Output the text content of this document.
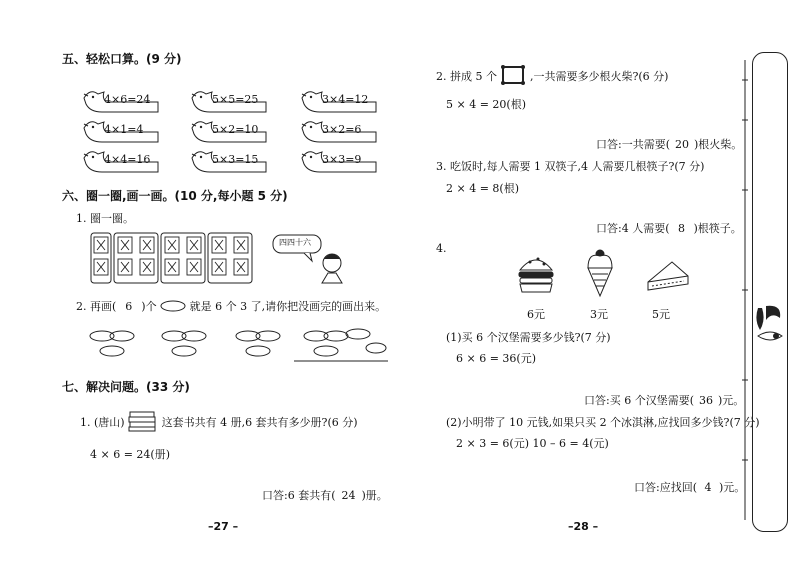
五、轻松口算。(9 分)
4×6=24	5×5=25	3×4=12
4×1=4	5×2=10	3×2=6
4×4=16	5×3=15	3×3=9
六、圈一圈,画一画。(10 分,每小题 5 分)
1. 圈一圈。
四四十六
2. 再画( 6 )个	就是 6 个 3 了,请你把没画完的画出来。
七、解决问题。(33 分)
1. (唐山)	这套书共有 4 册,6 套共有多少册?(6 分)
4 × 6 = 24(册)
口答:6 套共有( 24 )册。
–27 –
2. 拼成 5 个	,一共需要多少根火柴?(6 分)
5 × 4 = 20(根)
口答:一共需要( 20 )根火柴。
3. 吃饭时,每人需要 1 双筷子,4 人需要几根筷子?(7 分)
2 × 4 = 8(根)
口答:4 人需要( 8 )根筷子。
4.
6元	3元	5元
(1)买 6 个汉堡需要多少钱?(7 分)
6 × 6 = 36(元)
口答:买 6 个汉堡需要( 36 )元。
(2)小明带了 10 元钱,如果只买 2 个冰淇淋,应找回多少钱?(7 分)
2 × 3 = 6(元) 10 – 6 = 4(元)
口答:应找回( 4 )元。
–28 –
